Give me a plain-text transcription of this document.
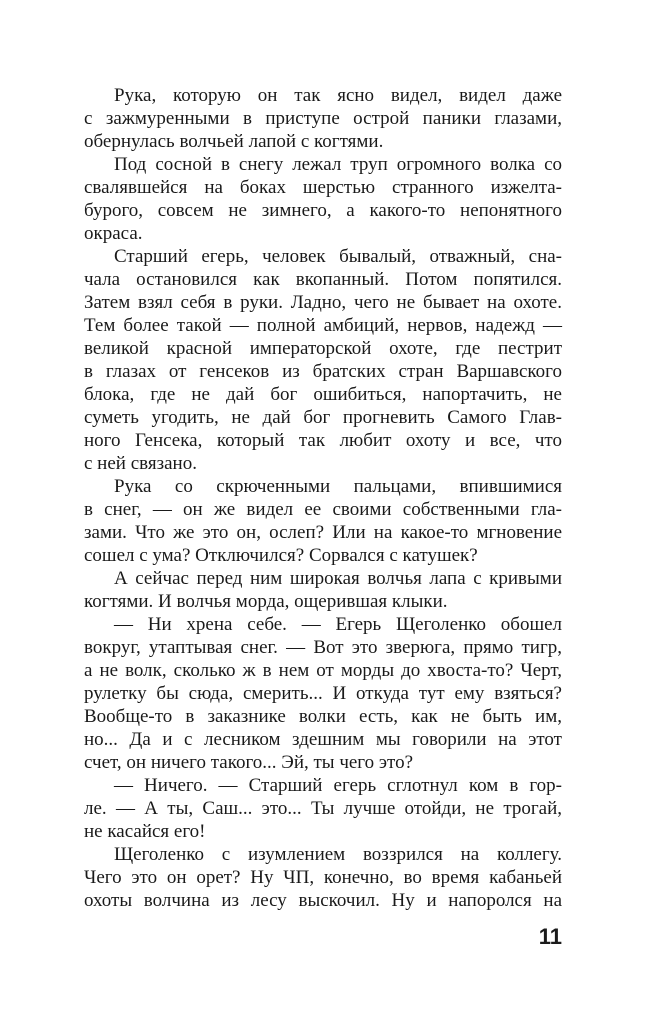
Рука, которую он так ясно видел, видел даже
с зажмуренными в приступе острой паники глазами,
обернулась волчьей лапой с когтями.
Под сосной в снегу лежал труп огромного волка со
свалявшейся на боках шерстью странного изжелта-
бурого, совсем не зимнего, а какого-то непонятного
окраса.
Старший егерь, человек бывалый, отважный, сна-
чала остановился как вкопанный. Потом попятился.
Затем взял себя в руки. Ладно, чего не бывает на охоте.
Тем более такой — полной амбиций, нервов, надежд —
великой красной императорской охоте, где пестрит
в глазах от генсеков из братских стран Варшавского
блока, где не дай бог ошибиться, напортачить, не
суметь угодить, не дай бог прогневить Самого Глав-
ного Генсека, который так любит охоту и все, что
с ней связано.
Рука со скрюченными пальцами, впившимися
в снег, — он же видел ее своими собственными гла-
зами. Что же это он, ослеп? Или на какое-то мгновение
сошел с ума? Отключился? Сорвался с катушек?
А сейчас перед ним широкая волчья лапа с кривыми
когтями. И волчья морда, ощерившая клыки.
— Ни хрена себе. — Егерь Щеголенко обошел
вокруг, утаптывая снег. — Вот это зверюга, прямо тигр,
а не волк, сколько ж в нем от морды до хвоста-то? Черт,
рулетку бы сюда, смерить... И откуда тут ему взяться?
Вообще-то в заказнике волки есть, как не быть им,
но... Да и с лесником здешним мы говорили на этот
счет, он ничего такого... Эй, ты чего это?
— Ничего. — Старший егерь сглотнул ком в гор-
ле. — А ты, Саш... это... Ты лучше отойди, не трогай,
не касайся его!
Щеголенко с изумлением воззрился на коллегу.
Чего это он орет? Ну ЧП, конечно, во время кабаньей
охоты волчина из лесу выскочил. Ну и напоролся на
11
